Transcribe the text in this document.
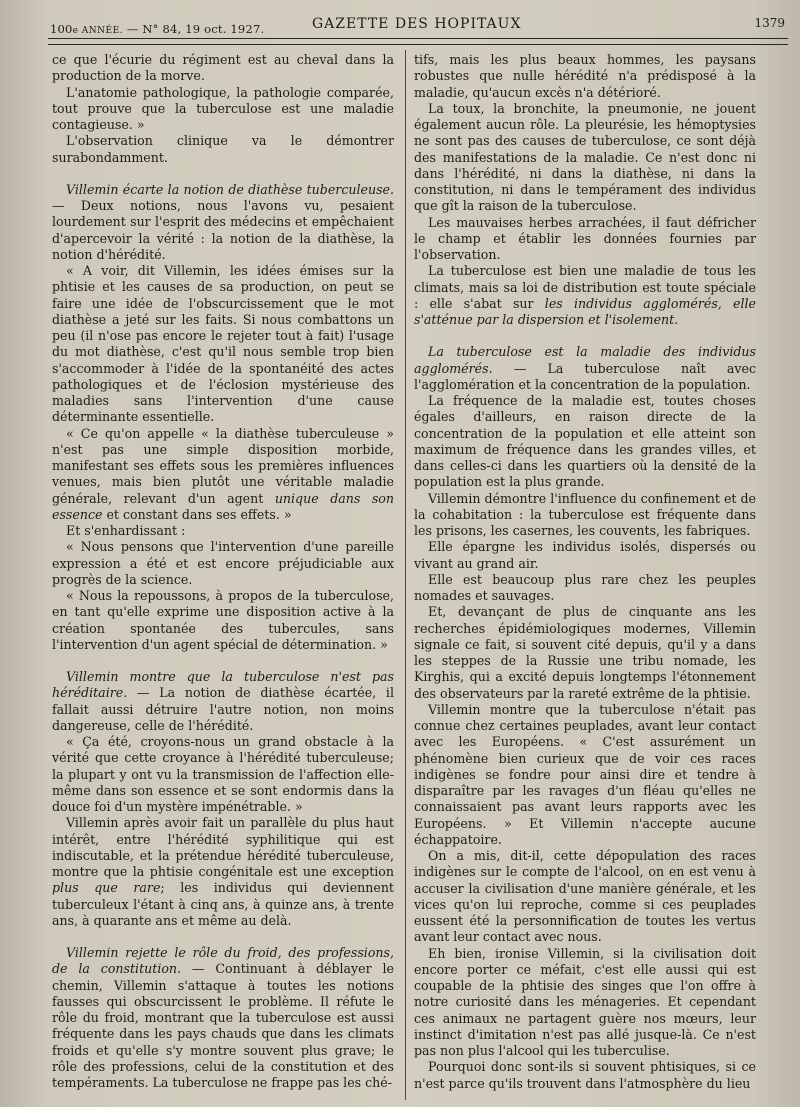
100e ANNÉE. — N° 84, 19 oct. 1927.	GAZETTE DES HOPITAUX	1379

ce que l'écurie du régiment est au cheval dans la production de la morve.

L'anatomie pathologique, la pathologie comparée, tout prouve que la tuberculose est une maladie contagieuse. »

L'observation clinique va le démontrer surabondamment.

Villemin écarte la notion de diathèse tuberculeuse. — Deux notions, nous l'avons vu, pesaient lourdement sur l'esprit des médecins et empêchaient d'apercevoir la vérité : la notion de la diathèse, la notion d'hérédité.

« A voir, dit Villemin, les idées émises sur la phtisie et les causes de sa production, on peut se faire une idée de l'obscurcissement que le mot diathèse a jeté sur les faits. Si nous combattons un peu (il n'ose pas encore le rejeter tout à fait) l'usage du mot diathèse, c'est qu'il nous semble trop bien s'accommoder à l'idée de la spontanéité des actes pathologiques et de l'éclosion mystérieuse des maladies sans l'intervention d'une cause déterminante essentielle.

« Ce qu'on appelle « la diathèse tuberculeuse » n'est pas une simple disposition morbide, manifestant ses effets sous les premières influences venues, mais bien plutôt une véritable maladie générale, relevant d'un agent unique dans son essence et constant dans ses effets. »

Et s'enhardissant :

« Nous pensons que l'intervention d'une pareille expression a été et est encore préjudiciable aux progrès de la science.

« Nous la repoussons, à propos de la tuberculose, en tant qu'elle exprime une disposition active à la création spontanée des tubercules, sans l'intervention d'un agent spécial de détermination. »

Villemin montre que la tuberculose n'est pas héréditaire. — La notion de diathèse écartée, il fallait aussi détruire l'autre notion, non moins dangereuse, celle de l'hérédité.

« Ça été, croyons-nous un grand obstacle à la vérité que cette croyance à l'hérédité tuberculeuse; la plupart y ont vu la transmission de l'affection elle-même dans son essence et se sont endormis dans la douce foi d'un mystère impénétrable. »

Villemin après avoir fait un parallèle du plus haut intérêt, entre l'hérédité syphilitique qui est indiscutable, et la prétendue hérédité tuberculeuse, montre que la phtisie congénitale est une exception plus que rare; les individus qui deviennent tuberculeux l'étant à cinq ans, à quinze ans, à trente ans, à quarante ans et même au delà.

Villemin rejette le rôle du froid, des professions, de la constitution. — Continuant à déblayer le chemin, Villemin s'attaque à toutes les notions fausses qui obscurcissent le problème. Il réfute le rôle du froid, montrant que la tuberculose est aussi fréquente dans les pays chauds que dans les climats froids et qu'elle s'y montre souvent plus grave; le rôle des professions, celui de la constitution et des tempéraments. La tuberculose ne frappe pas les ché-

tifs, mais les plus beaux hommes, les paysans robustes que nulle hérédité n'a prédisposé à la maladie, qu'aucun excès n'a détérioré.

La toux, la bronchite, la pneumonie, ne jouent également aucun rôle. La pleurésie, les hémoptysies ne sont pas des causes de tuberculose, ce sont déjà des manifestations de la maladie. Ce n'est donc ni dans l'hérédité, ni dans la diathèse, ni dans la constitution, ni dans le tempérament des individus que gît la raison de la tuberculose.

Les mauvaises herbes arrachées, il faut défricher le champ et établir les données fournies par l'observation.

La tuberculose est bien une maladie de tous les climats, mais sa loi de distribution est toute spéciale : elle s'abat sur les individus agglomérés, elle s'atténue par la dispersion et l'isolement.

La tuberculose est la maladie des individus agglomérés. — La tuberculose naît avec l'agglomération et la concentration de la population.

La fréquence de la maladie est, toutes choses égales d'ailleurs, en raison directe de la concentration de la population et elle atteint son maximum de fréquence dans les grandes villes, et dans celles-ci dans les quartiers où la densité de la population est la plus grande.

Villemin démontre l'influence du confinement et de la cohabitation : la tuberculose est fréquente dans les prisons, les casernes, les couvents, les fabriques.

Elle épargne les individus isolés, dispersés ou vivant au grand air.

Elle est beaucoup plus rare chez les peuples nomades et sauvages.

Et, devançant de plus de cinquante ans les recherches épidémiologiques modernes, Villemin signale ce fait, si souvent cité depuis, qu'il y a dans les steppes de la Russie une tribu nomade, les Kirghis, qui a excité depuis longtemps l'étonnement des observateurs par la rareté extrême de la phtisie.

Villemin montre que la tuberculose n'était pas connue chez certaines peuplades, avant leur contact avec les Européens. « C'est assurément un phénomène bien curieux que de voir ces races indigènes se fondre pour ainsi dire et tendre à disparaître par les ravages d'un fléau qu'elles ne connaissaient pas avant leurs rapports avec les Européens. » Et Villemin n'accepte aucune échappatoire.

On a mis, dit-il, cette dépopulation des races indigènes sur le compte de l'alcool, on en est venu à accuser la civilisation d'une manière générale, et les vices qu'on lui reproche, comme si ces peuplades eussent été la personnification de toutes les vertus avant leur contact avec nous.

Eh bien, ironise Villemin, si la civilisation doit encore porter ce méfait, c'est elle aussi qui est coupable de la phtisie des singes que l'on offre à notre curiosité dans les ménageries. Et cependant ces animaux ne partagent guère nos mœurs, leur instinct d'imitation n'est pas allé jusque-là. Ce n'est pas non plus l'alcool qui les tuberculise.

Pourquoi donc sont-ils si souvent phtisiques, si ce n'est parce qu'ils trouvent dans l'atmosphère du lieu
